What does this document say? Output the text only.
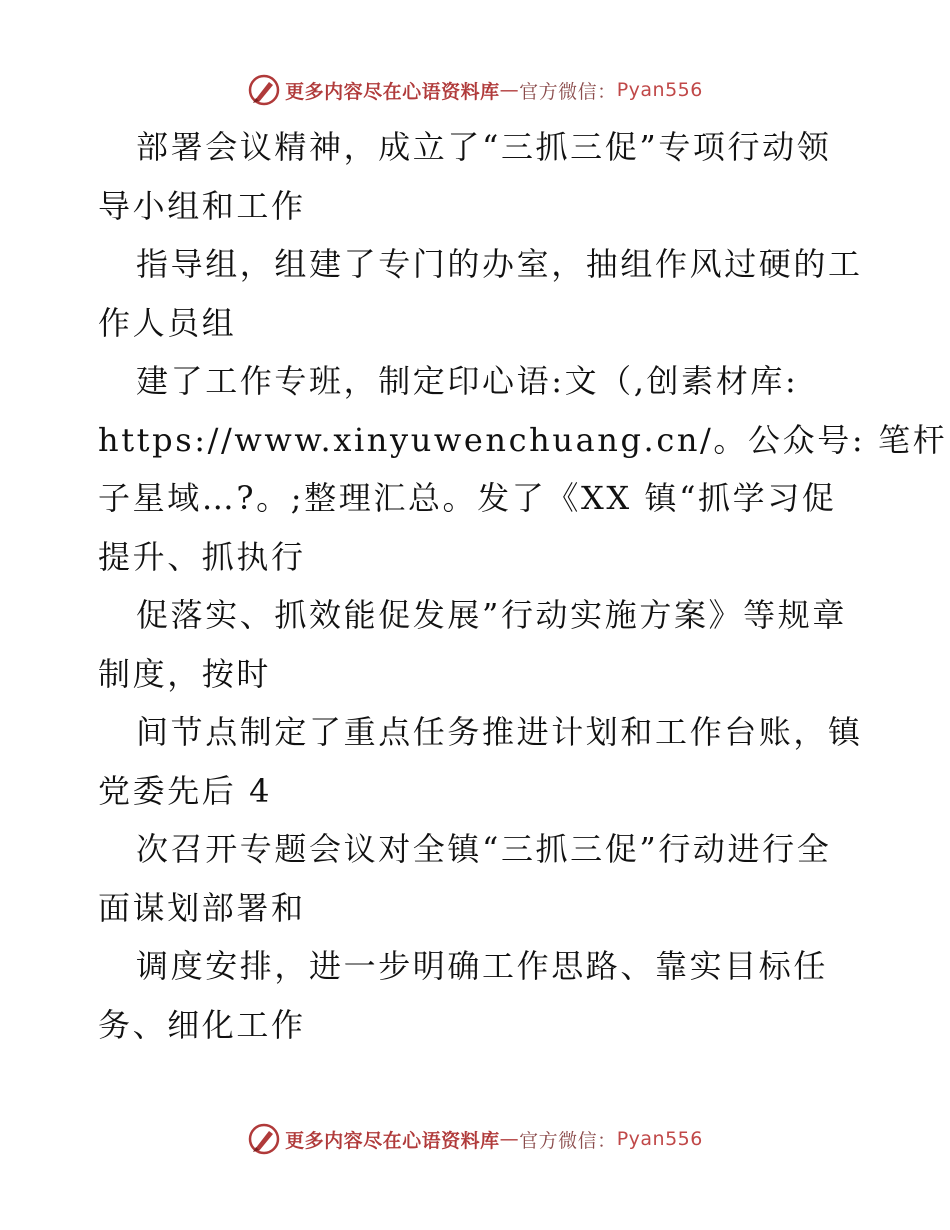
更多内容尽在心语资料库 — 官方微信： Pyan556
部署会议精神，成立了“三抓三促”专项行动领
导小组和工作
指导组，组建了专门的办室，抽组作风过硬的工
作人员组
建了工作专班，制定印心语:文（,创素材库:
https://www.xinyuwenchuang.cn/。公众号: 笔杆
子星域…?。;整理汇总。发了《XX 镇“抓学习促
提升、抓执行
促落实、抓效能促发展”行动实施方案》等规章
制度，按时
间节点制定了重点任务推进计划和工作台账，镇
党委先后 4
次召开专题会议对全镇“三抓三促”行动进行全
面谋划部署和
调度安排，进一步明确工作思路、靠实目标任
务、细化工作
更多内容尽在心语资料库 — 官方微信： Pyan556
